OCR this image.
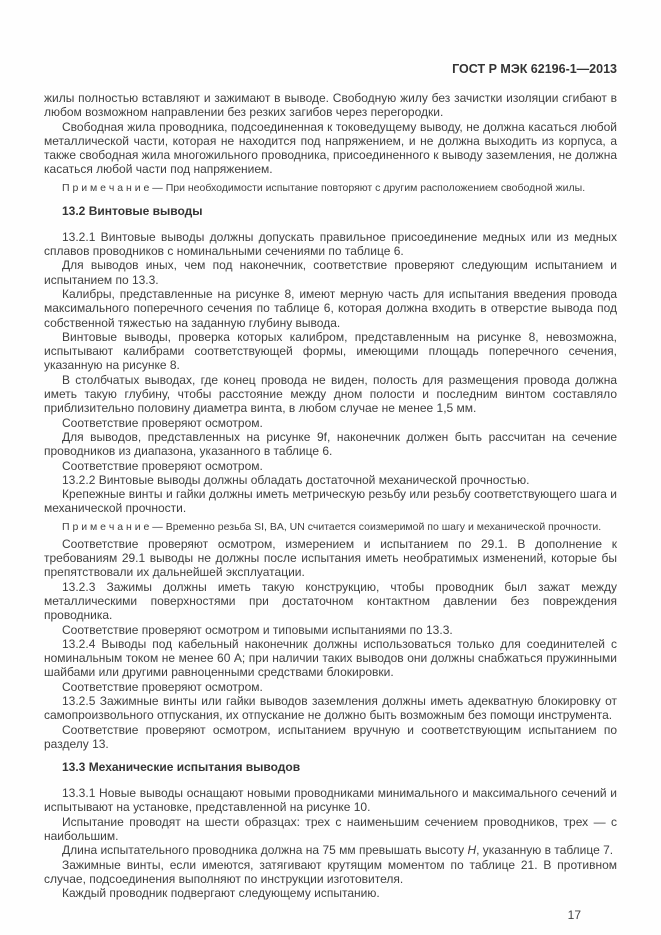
ГОСТ Р МЭК 62196-1—2013

жилы полностью вставляют и зажимают в выводе. Свободную жилу без зачистки изоляции сгибают в любом возможном направлении без резких загибов через перегородки.

Свободная жила проводника, подсоединенная к токоведущему выводу, не должна касаться любой металлической части, которая не находится под напряжением, и не должна выходить из корпуса, а также свободная жила многожильного проводника, присоединенного к выводу заземления, не должна касаться любой части под напряжением.

П р и м е ч а н и е — При необходимости испытание повторяют с другим расположением свободной жилы.

13.2 Винтовые выводы

13.2.1 Винтовые выводы должны допускать правильное присоединение медных или из медных сплавов проводников с номинальными сечениями по таблице 6.

Для выводов иных, чем под наконечник, соответствие проверяют следующим испытанием и испытанием по 13.3.

Калибры, представленные на рисунке 8, имеют мерную часть для испытания введения провода максимального поперечного сечения по таблице 6, которая должна входить в отверстие вывода под собственной тяжестью на заданную глубину вывода.

Винтовые выводы, проверка которых калибром, представленным на рисунке 8, невозможна, испытывают калибрами соответствующей формы, имеющими площадь поперечного сечения, указанную на рисунке 8.

В столбчатых выводах, где конец провода не виден, полость для размещения провода должна иметь такую глубину, чтобы расстояние между дном полости и последним винтом составляло приблизительно половину диаметра винта, в любом случае не менее 1,5 мм.

Соответствие проверяют осмотром.

Для выводов, представленных на рисунке 9f, наконечник должен быть рассчитан на сечение проводников из диапазона, указанного в таблице 6.

Соответствие проверяют осмотром.

13.2.2 Винтовые выводы должны обладать достаточной механической прочностью.

Крепежные винты и гайки должны иметь метрическую резьбу или резьбу соответствующего шага и механической прочности.

П р и м е ч а н и е — Временно резьба SI, BA, UN считается соизмеримой по шагу и механической прочности.

Соответствие проверяют осмотром, измерением и испытанием по 29.1. В дополнение к требованиям 29.1 выводы не должны после испытания иметь необратимых изменений, которые бы препятствовали их дальнейшей эксплуатации.

13.2.3 Зажимы должны иметь такую конструкцию, чтобы проводник был зажат между металлическими поверхностями при достаточном контактном давлении без повреждения проводника.

Соответствие проверяют осмотром и типовыми испытаниями по 13.3.

13.2.4 Выводы под кабельный наконечник должны использоваться только для соединителей с номинальным током не менее 60 А; при наличии таких выводов они должны снабжаться пружинными шайбами или другими равноценными средствами блокировки.

Соответствие проверяют осмотром.

13.2.5 Зажимные винты или гайки выводов заземления должны иметь адекватную блокировку от самопроизвольного отпускания, их отпускание не должно быть возможным без помощи инструмента.

Соответствие проверяют осмотром, испытанием вручную и соответствующим испытанием по разделу 13.

13.3 Механические испытания выводов

13.3.1 Новые выводы оснащают новыми проводниками минимального и максимального сечений и испытывают на установке, представленной на рисунке 10.

Испытание проводят на шести образцах: трех с наименьшим сечением проводников, трех — с наибольшим.

Длина испытательного проводника должна на 75 мм превышать высоту H, указанную в таблице 7.

Зажимные винты, если имеются, затягивают крутящим моментом по таблице 21. В противном случае, подсоединения выполняют по инструкции изготовителя.

Каждый проводник подвергают следующему испытанию.

17
